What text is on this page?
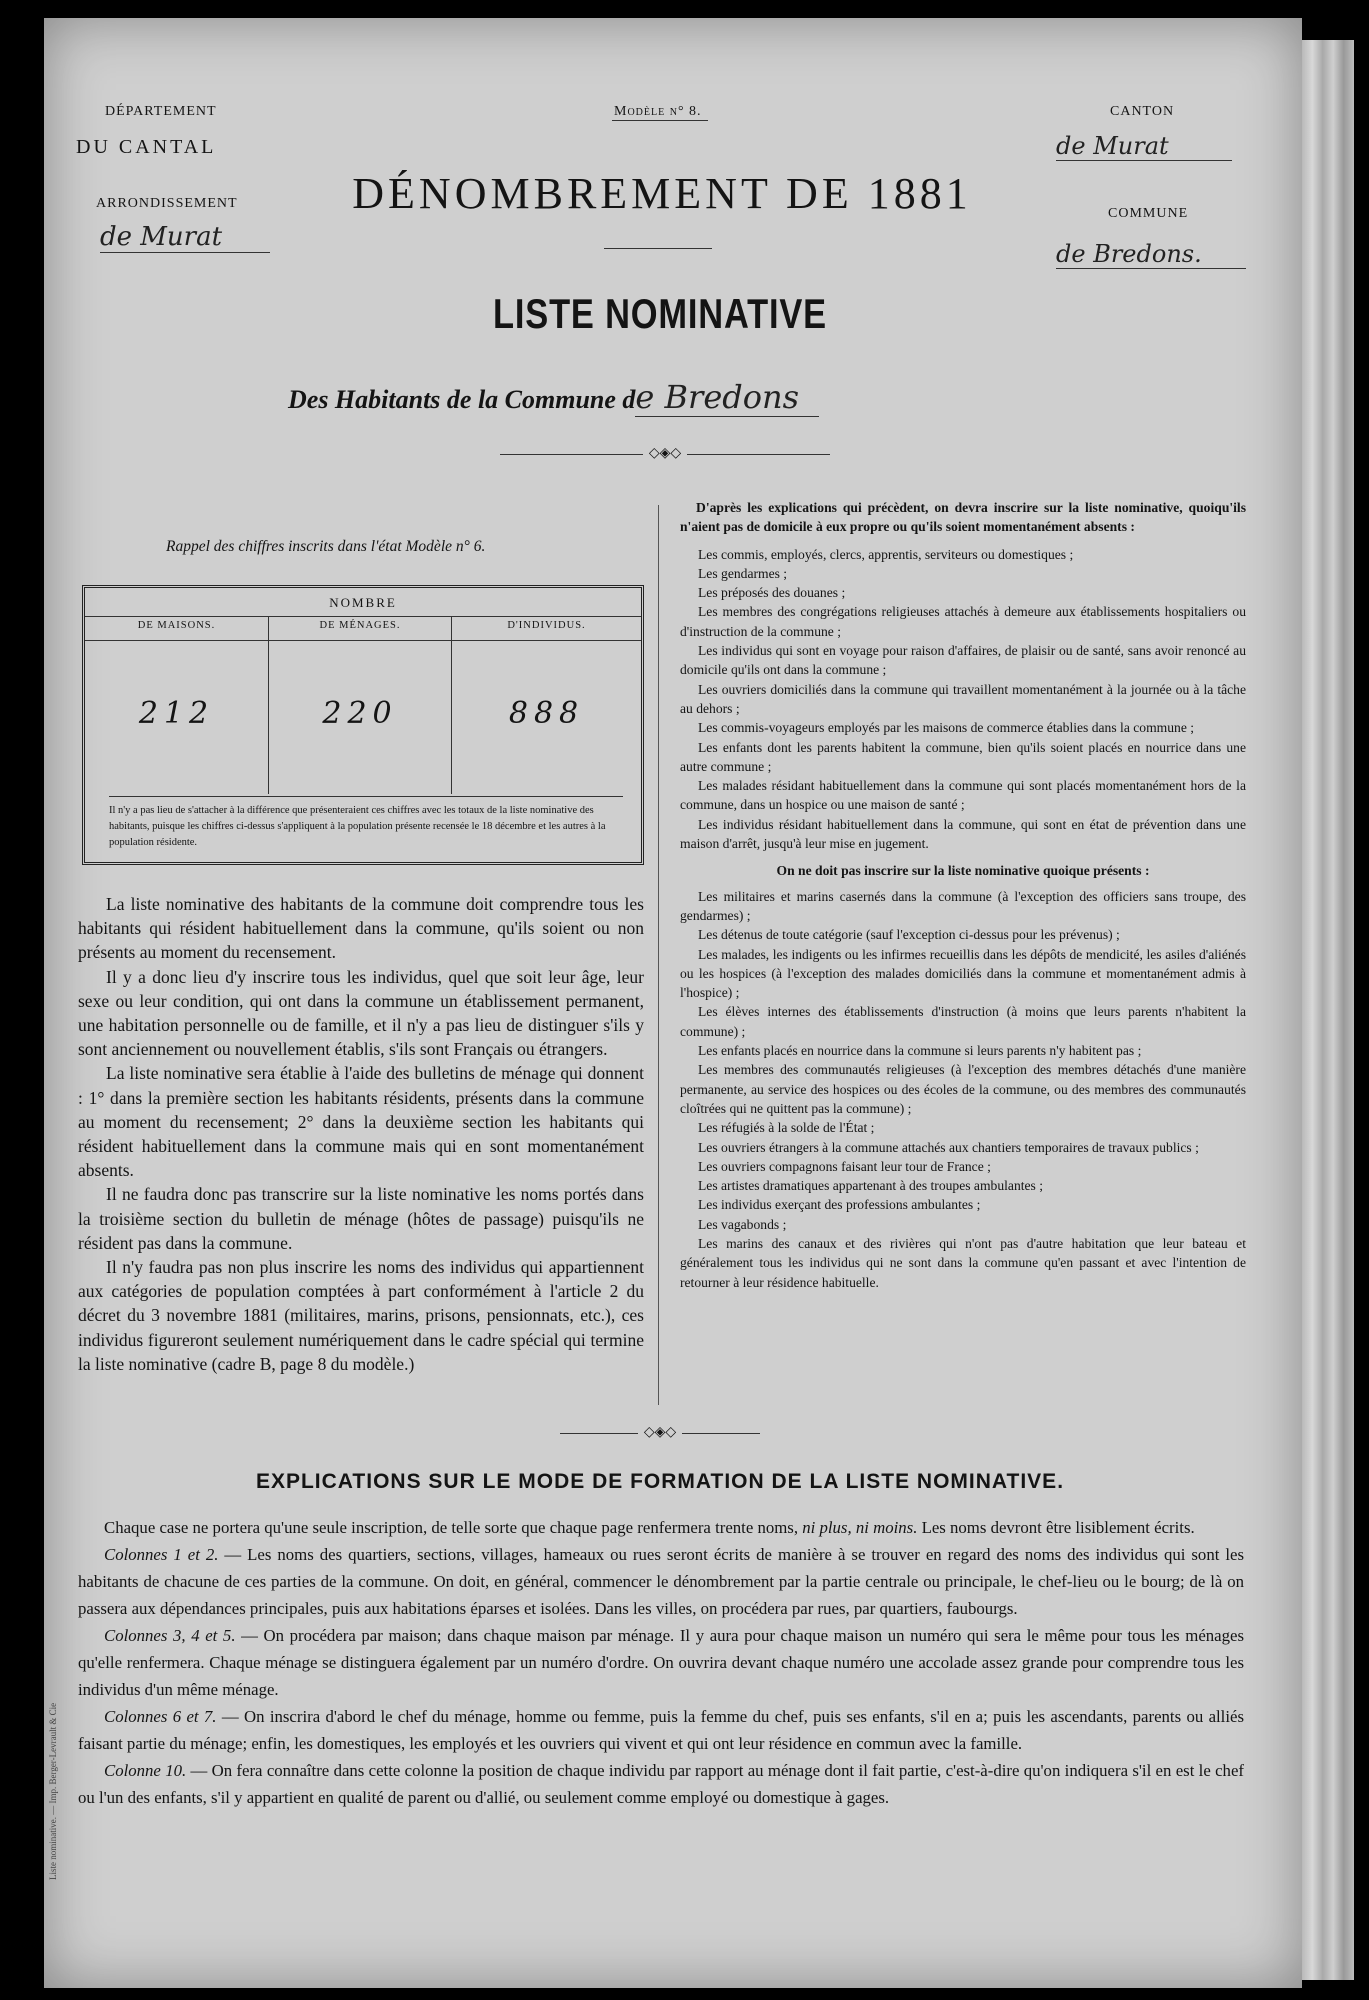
DÉPARTEMENT
DU CANTAL
ARRONDISSEMENT
de Murat
Modèle n° 8.
DÉNOMBREMENT DE 1881
CANTON
de Murat
COMMUNE
de Bredons.
LISTE NOMINATIVE
Des Habitants de la Commune de Bredons
◇◈◇
Rappel des chiffres inscrits dans l'état Modèle n° 6.
NOMBRE
DE MAISONS.
212
DE MÉNAGES.
220
D'INDIVIDUS.
888
Il n'y a pas lieu de s'attacher à la différence que présenteraient ces chiffres avec les totaux de la liste nominative des habitants, puisque les chiffres ci-dessus s'appliquent à la population présente recensée le 18 décembre et les autres à la population résidente.

La liste nominative des habitants de la commune doit comprendre tous les habitants qui résident habituellement dans la commune, qu'ils soient ou non présents au moment du recensement.

Il y a donc lieu d'y inscrire tous les individus, quel que soit leur âge, leur sexe ou leur condition, qui ont dans la commune un établissement permanent, une habitation personnelle ou de famille, et il n'y a pas lieu de distinguer s'ils y sont anciennement ou nouvellement établis, s'ils sont Français ou étrangers.

La liste nominative sera établie à l'aide des bulletins de ménage qui donnent : 1° dans la première section les habitants résidents, présents dans la commune au moment du recensement; 2° dans la deuxième section les habitants qui résident habituellement dans la commune mais qui en sont momentanément absents.

Il ne faudra donc pas transcrire sur la liste nominative les noms portés dans la troisième section du bulletin de ménage (hôtes de passage) puisqu'ils ne résident pas dans la commune.

Il n'y faudra pas non plus inscrire les noms des individus qui appartiennent aux catégories de population comptées à part conformément à l'article 2 du décret du 3 novembre 1881 (militaires, marins, prisons, pensionnats, etc.), ces individus figureront seulement numériquement dans le cadre spécial qui termine la liste nominative (cadre B, page 8 du modèle.)

D'après les explications qui précèdent, on devra inscrire sur la liste nominative, quoiqu'ils n'aient pas de domicile à eux propre ou qu'ils soient momentanément absents :

Les commis, employés, clercs, apprentis, serviteurs ou domestiques ;

Les gendarmes ;

Les préposés des douanes ;

Les membres des congrégations religieuses attachés à demeure aux établissements hospitaliers ou d'instruction de la commune ;

Les individus qui sont en voyage pour raison d'affaires, de plaisir ou de santé, sans avoir renoncé au domicile qu'ils ont dans la commune ;

Les ouvriers domiciliés dans la commune qui travaillent momentanément à la journée ou à la tâche au dehors ;

Les commis-voyageurs employés par les maisons de commerce établies dans la commune ;

Les enfants dont les parents habitent la commune, bien qu'ils soient placés en nourrice dans une autre commune ;

Les malades résidant habituellement dans la commune qui sont placés momentanément hors de la commune, dans un hospice ou une maison de santé ;

Les individus résidant habituellement dans la commune, qui sont en état de prévention dans une maison d'arrêt, jusqu'à leur mise en jugement.

On ne doit pas inscrire sur la liste nominative quoique présents :

Les militaires et marins casernés dans la commune (à l'exception des officiers sans troupe, des gendarmes) ;

Les détenus de toute catégorie (sauf l'exception ci-dessus pour les prévenus) ;

Les malades, les indigents ou les infirmes recueillis dans les dépôts de mendicité, les asiles d'aliénés ou les hospices (à l'exception des malades domiciliés dans la commune et momentanément admis à l'hospice) ;

Les élèves internes des établissements d'instruction (à moins que leurs parents n'habitent la commune) ;

Les enfants placés en nourrice dans la commune si leurs parents n'y habitent pas ;

Les membres des communautés religieuses (à l'exception des membres détachés d'une manière permanente, au service des hospices ou des écoles de la commune, ou des membres des communautés cloîtrées qui ne quittent pas la commune) ;

Les réfugiés à la solde de l'État ;

Les ouvriers étrangers à la commune attachés aux chantiers temporaires de travaux publics ;

Les ouvriers compagnons faisant leur tour de France ;

Les artistes dramatiques appartenant à des troupes ambulantes ;

Les individus exerçant des professions ambulantes ;

Les vagabonds ;

Les marins des canaux et des rivières qui n'ont pas d'autre habitation que leur bateau et généralement tous les individus qui ne sont dans la commune qu'en passant et avec l'intention de retourner à leur résidence habituelle.

◇◈◇
EXPLICATIONS SUR LE MODE DE FORMATION DE LA LISTE NOMINATIVE.

Chaque case ne portera qu'une seule inscription, de telle sorte que chaque page renfermera trente noms, ni plus, ni moins. Les noms devront être lisiblement écrits.

Colonnes 1 et 2. — Les noms des quartiers, sections, villages, hameaux ou rues seront écrits de manière à se trouver en regard des noms des individus qui sont les habitants de chacune de ces parties de la commune. On doit, en général, commencer le dénombrement par la partie centrale ou principale, le chef-lieu ou le bourg; de là on passera aux dépendances principales, puis aux habitations éparses et isolées. Dans les villes, on procédera par rues, par quartiers, faubourgs.

Colonnes 3, 4 et 5. — On procédera par maison; dans chaque maison par ménage. Il y aura pour chaque maison un numéro qui sera le même pour tous les ménages qu'elle renfermera. Chaque ménage se distinguera également par un numéro d'ordre. On ouvrira devant chaque numéro une accolade assez grande pour comprendre tous les individus d'un même ménage.

Colonnes 6 et 7. — On inscrira d'abord le chef du ménage, homme ou femme, puis la femme du chef, puis ses enfants, s'il en a; puis les ascendants, parents ou alliés faisant partie du ménage; enfin, les domestiques, les employés et les ouvriers qui vivent et qui ont leur résidence en commun avec la famille.

Colonne 10. — On fera connaître dans cette colonne la position de chaque individu par rapport au ménage dont il fait partie, c'est-à-dire qu'on indiquera s'il en est le chef ou l'un des enfants, s'il y appartient en qualité de parent ou d'allié, ou seulement comme employé ou domestique à gages.

Liste nominative. — Imp. Berger-Levrault & Cie
